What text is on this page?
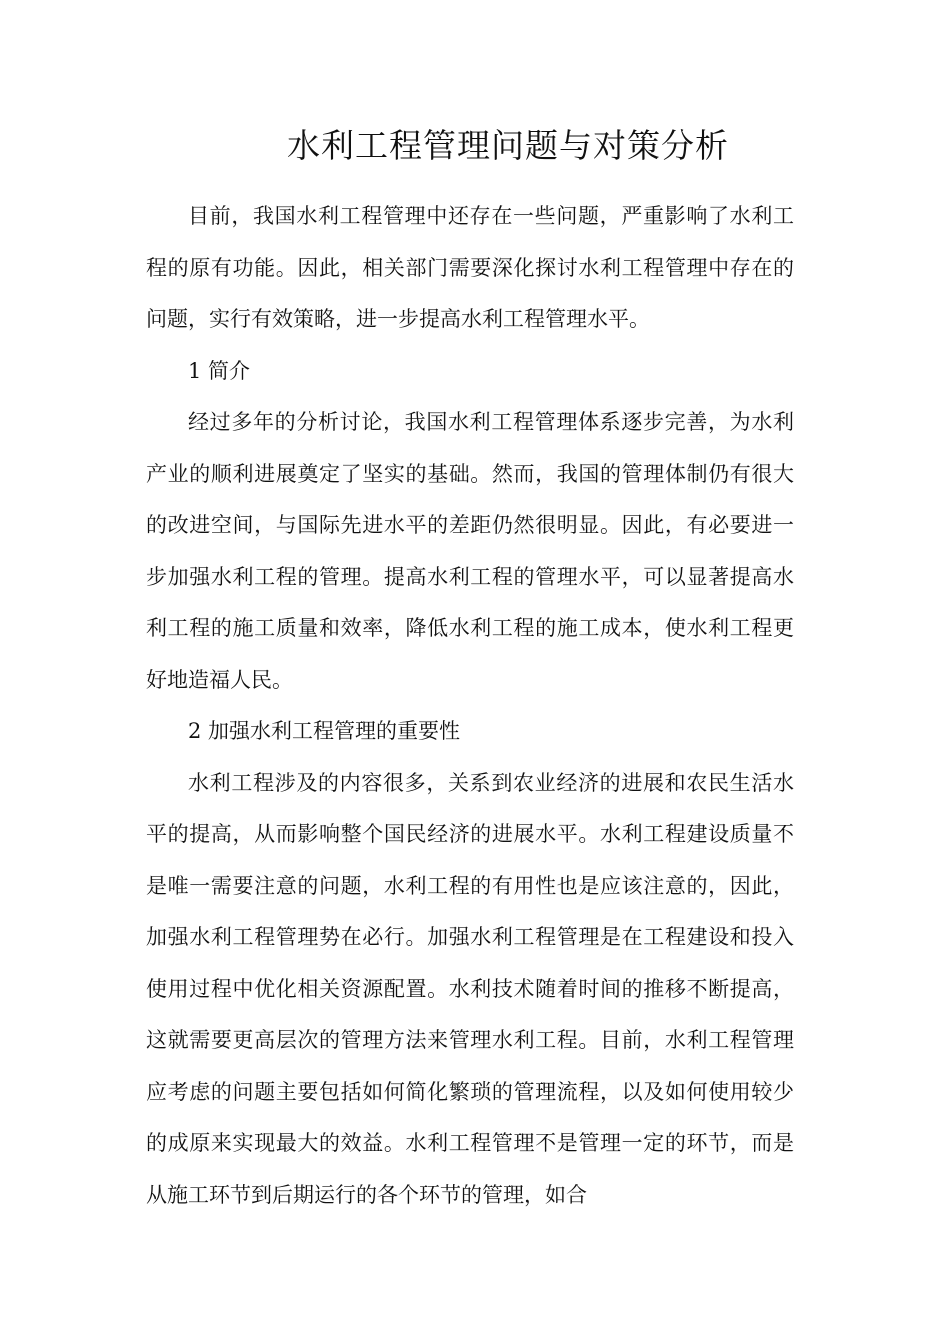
水利工程管理问题与对策分析

目前，我国水利工程管理中还存在一些问题，严重影响了水利工程的原有功能。因此，相关部门需要深化探讨水利工程管理中存在的问题，实行有效策略，进一步提高水利工程管理水平。

1 简介

经过多年的分析讨论，我国水利工程管理体系逐步完善，为水利产业的顺利进展奠定了坚实的基础。然而，我国的管理体制仍有很大的改进空间，与国际先进水平的差距仍然很明显。因此，有必要进一步加强水利工程的管理。提高水利工程的管理水平，可以显著提高水利工程的施工质量和效率，降低水利工程的施工成本，使水利工程更好地造福人民。

2 加强水利工程管理的重要性

水利工程涉及的内容很多，关系到农业经济的进展和农民生活水平的提高，从而影响整个国民经济的进展水平。水利工程建设质量不是唯一需要注意的问题，水利工程的有用性也是应该注意的，因此，加强水利工程管理势在必行。加强水利工程管理是在工程建设和投入使用过程中优化相关资源配置。水利技术随着时间的推移不断提高，这就需要更高层次的管理方法来管理水利工程。目前，水利工程管理应考虑的问题主要包括如何简化繁琐的管理流程，以及如何使用较少的成原来实现最大的效益。水利工程管理不是管理一定的环节，而是从施工环节到后期运行的各个环节的管理，如合
